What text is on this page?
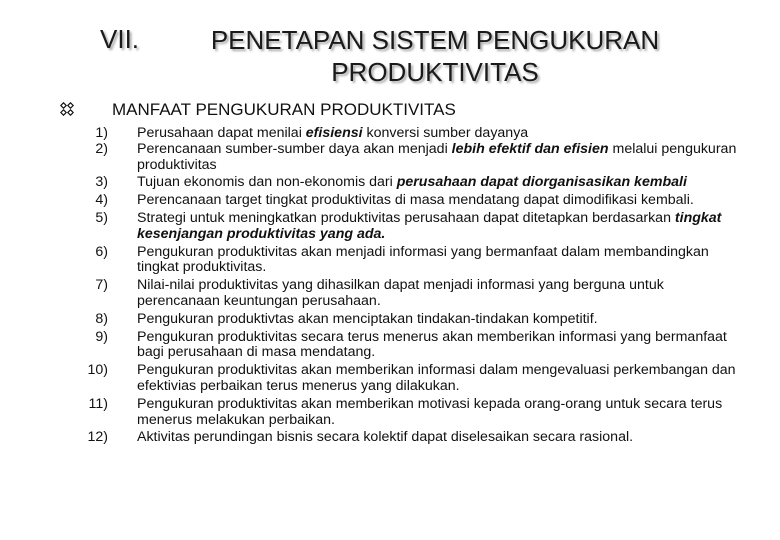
VII.	PENETAPAN SISTEM PENGUKURAN
PRODUKTIVITAS
MANFAAT PENGUKURAN PRODUKTIVITAS
1) Perusahaan dapat menilai efisiensi konversi sumber dayanya
2) Perencanaan sumber-sumber daya akan menjadi lebih efektif dan efisien melalui pengukuran produktivitas
3) Tujuan ekonomis dan non-ekonomis dari perusahaan dapat diorganisasikan kembali
4) Perencanaan target tingkat produktivitas di masa mendatang dapat dimodifikasi kembali.
5) Strategi untuk meningkatkan produktivitas perusahaan dapat ditetapkan berdasarkan tingkat kesenjangan produktivitas yang ada.
6) Pengukuran produktivitas akan menjadi informasi yang bermanfaat dalam membandingkan tingkat produktivitas.
7) Nilai-nilai produktivitas yang dihasilkan dapat menjadi informasi yang berguna untuk perencanaan keuntungan perusahaan.
8) Pengukuran produktivtas akan menciptakan tindakan-tindakan kompetitif.
9) Pengukuran produktivitas secara terus menerus akan memberikan informasi yang bermanfaat bagi perusahaan di masa mendatang.
10) Pengukuran produktivitas akan memberikan informasi dalam mengevaluasi perkembangan dan efektivias perbaikan terus menerus yang dilakukan.
11) Pengukuran produktivitas akan memberikan motivasi kepada orang-orang untuk secara terus menerus melakukan perbaikan.
12) Aktivitas perundingan bisnis secara kolektif dapat diselesaikan secara rasional.
